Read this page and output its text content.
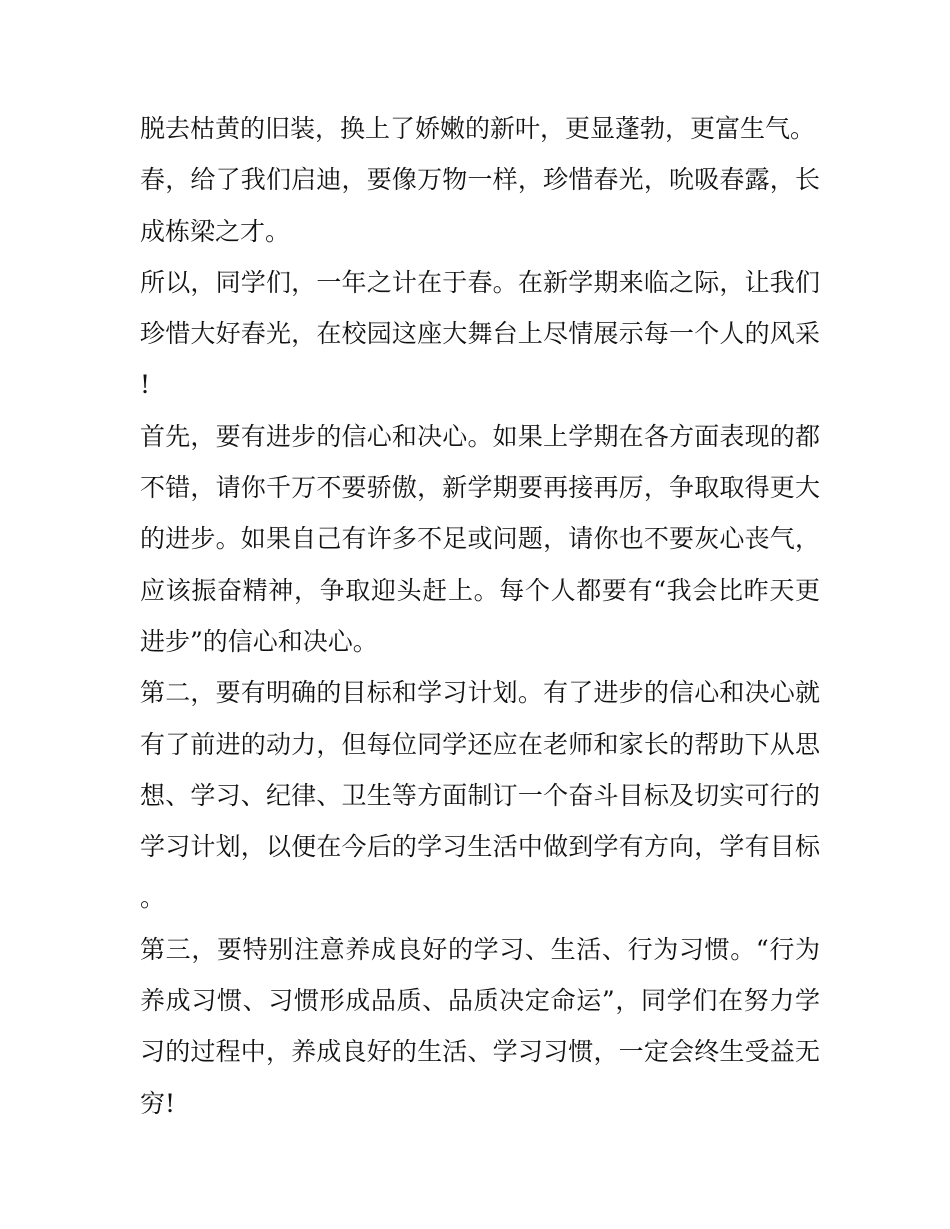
脱去枯黄的旧装，换上了娇嫩的新叶，更显蓬勃，更富生气。

春，给了我们启迪，要像万物一样，珍惜春光，吮吸春露，长成栋梁之才。

所以，同学们，一年之计在于春。在新学期来临之际，让我们珍惜大好春光，在校园这座大舞台上尽情展示每一个人的风采!

首先，要有进步的信心和决心。如果上学期在各方面表现的都不错，请你千万不要骄傲，新学期要再接再厉，争取取得更大的进步。如果自己有许多不足或问题，请你也不要灰心丧气，应该振奋精神，争取迎头赶上。每个人都要有“我会比昨天更进步”的信心和决心。

第二，要有明确的目标和学习计划。有了进步的信心和决心就有了前进的动力，但每位同学还应在老师和家长的帮助下从思想、学习、纪律、卫生等方面制订一个奋斗目标及切实可行的学习计划，以便在今后的学习生活中做到学有方向，学有目标。

第三，要特别注意养成良好的学习、生活、行为习惯。“行为养成习惯、习惯形成品质、品质决定命运”，同学们在努力学习的过程中，养成良好的生活、学习习惯，一定会终生受益无穷!
